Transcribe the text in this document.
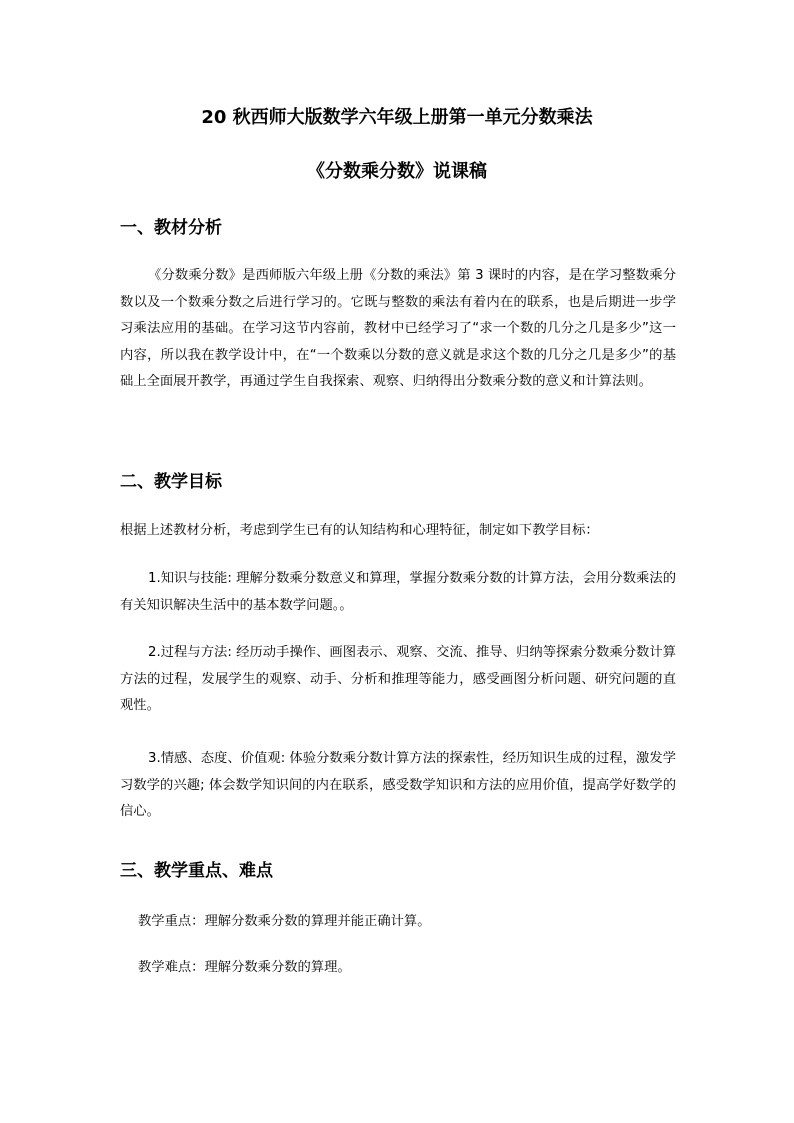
20 秋西师大版数学六年级上册第一单元分数乘法
《分数乘分数》说课稿
一、教材分析
《分数乘分数》是西师版六年级上册《分数的乘法》第 3 课时的内容，是在学习整数乘分数以及一个数乘分数之后进行学习的。它既与整数的乘法有着内在的联系，也是后期进一步学习乘法应用的基础。在学习这节内容前，教材中已经学习了“求一个数的几分之几是多少”这一内容，所以我在教学设计中，在“一个数乘以分数的意义就是求这个数的几分之几是多少”的基础上全面展开教学，再通过学生自我探索、观察、归纳得出分数乘分数的意义和计算法则。
二、教学目标
根据上述教材分析，考虑到学生已有的认知结构和心理特征，制定如下教学目标：
1.知识与技能: 理解分数乘分数意义和算理，掌握分数乘分数的计算方法，会用分数乘法的有关知识解决生活中的基本数学问题。。
2.过程与方法: 经历动手操作、画图表示、观察、交流、推导、归纳等探索分数乘分数计算方法的过程，发展学生的观察、动手、分析和推理等能力，感受画图分析问题、研究问题的直观性。
3.情感、态度、价值观: 体验分数乘分数计算方法的探索性，经历知识生成的过程，激发学习数学的兴趣; 体会数学知识间的内在联系，感受数学知识和方法的应用价值，提高学好数学的信心。
三、教学重点、难点
教学重点：理解分数乘分数的算理并能正确计算。
教学难点：理解分数乘分数的算理。
